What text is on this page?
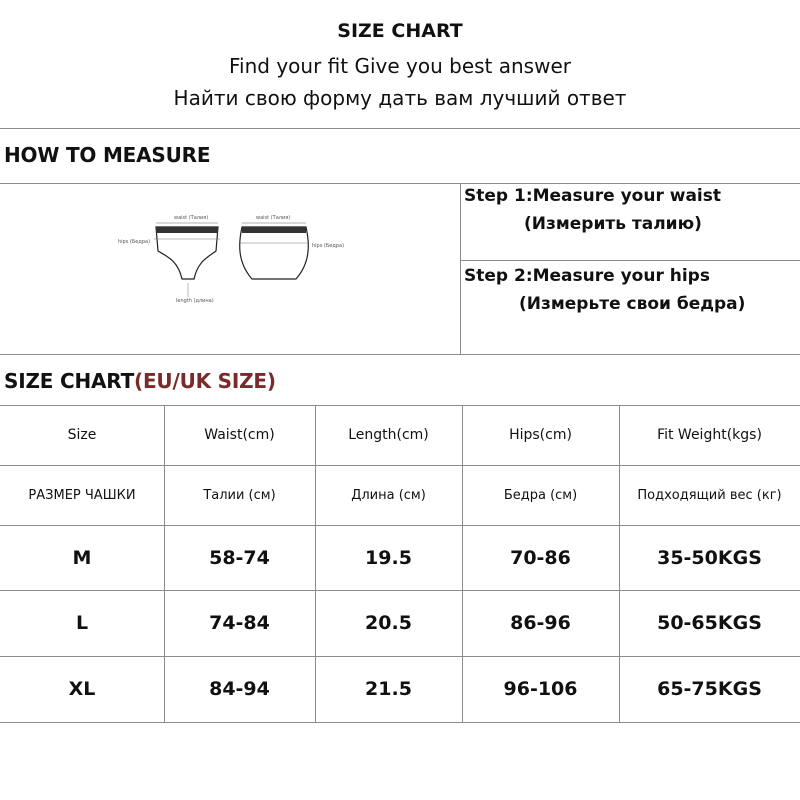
SIZE CHART
Find your fit Give you best answer
Найти свою форму дать вам лучший ответ
HOW TO MEASURE
waist (Талия)
hips (Бедра)
length (длина)
waist (Талия)
hips (Бедра)
Step 1:Measure your waist
(Измерить талию)
Step 2:Measure your hips
(Измерьте свои бедра)
SIZE CHART(EU/UK SIZE)
Size	Waist(cm)	Length(cm)	Hips(cm)	Fit Weight(kgs)
РАЗМЕР ЧАШКИ	Талии (см)	Длина (см)	Бедра (см)	Подходящий вес (кг)
M	58-74	19.5	70-86	35-50KGS
L	74-84	20.5	86-96	50-65KGS
XL	84-94	21.5	96-106	65-75KGS
